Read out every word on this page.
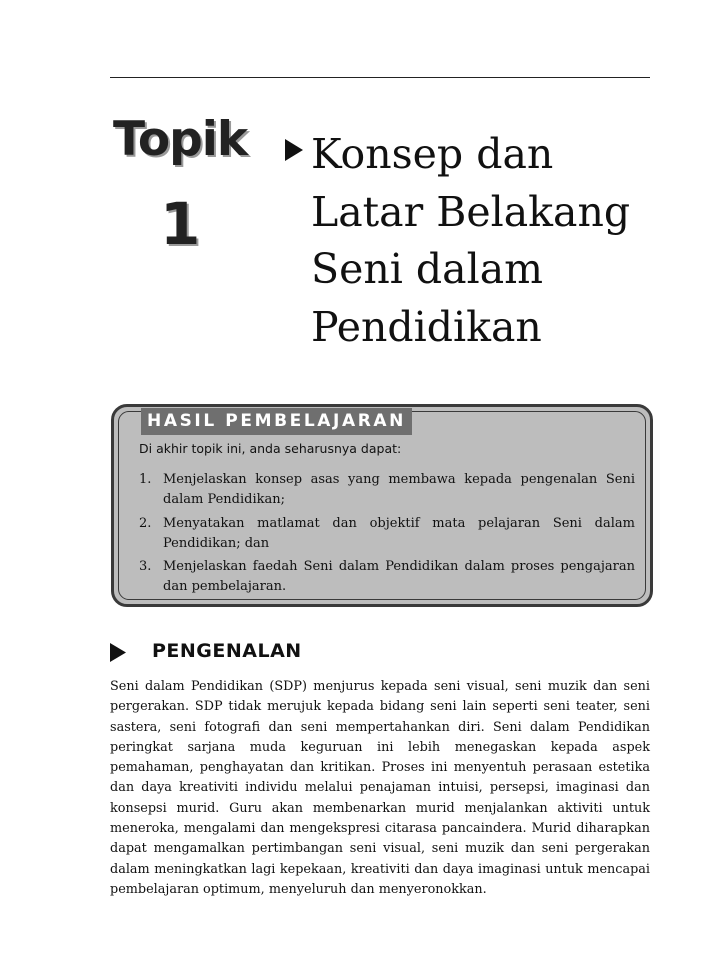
Topik
1
Konsep dan
Latar Belakang
Seni dalam
Pendidikan
HASIL PEMBELAJARAN
Di akhir topik ini, anda seharusnya dapat:
1. Menjelaskan konsep asas yang membawa kepada pengenalan Seni dalam Pendidikan;
2. Menyatakan matlamat dan objektif mata pelajaran Seni dalam Pendidikan; dan
3. Menjelaskan faedah Seni dalam Pendidikan dalam proses pengajaran dan pembelajaran.
PENGENALAN
Seni dalam Pendidikan (SDP) menjurus kepada seni visual, seni muzik dan seni pergerakan. SDP tidak merujuk kepada bidang seni lain seperti seni teater, seni sastera, seni fotografi dan seni mempertahankan diri. Seni dalam Pendidikan peringkat sarjana muda keguruan ini lebih menegaskan kepada aspek pemahaman, penghayatan dan kritikan. Proses ini menyentuh perasaan estetika dan daya kreativiti individu melalui penajaman intuisi, persepsi, imaginasi dan konsepsi murid. Guru akan membenarkan murid menjalankan aktiviti untuk meneroka, mengalami dan mengekspresi citarasa pancaindera. Murid diharapkan dapat mengamalkan pertimbangan seni visual, seni muzik dan seni pergerakan dalam meningkatkan lagi kepekaan, kreativiti dan daya imaginasi untuk mencapai pembelajaran optimum, menyeluruh dan menyeronokkan.
